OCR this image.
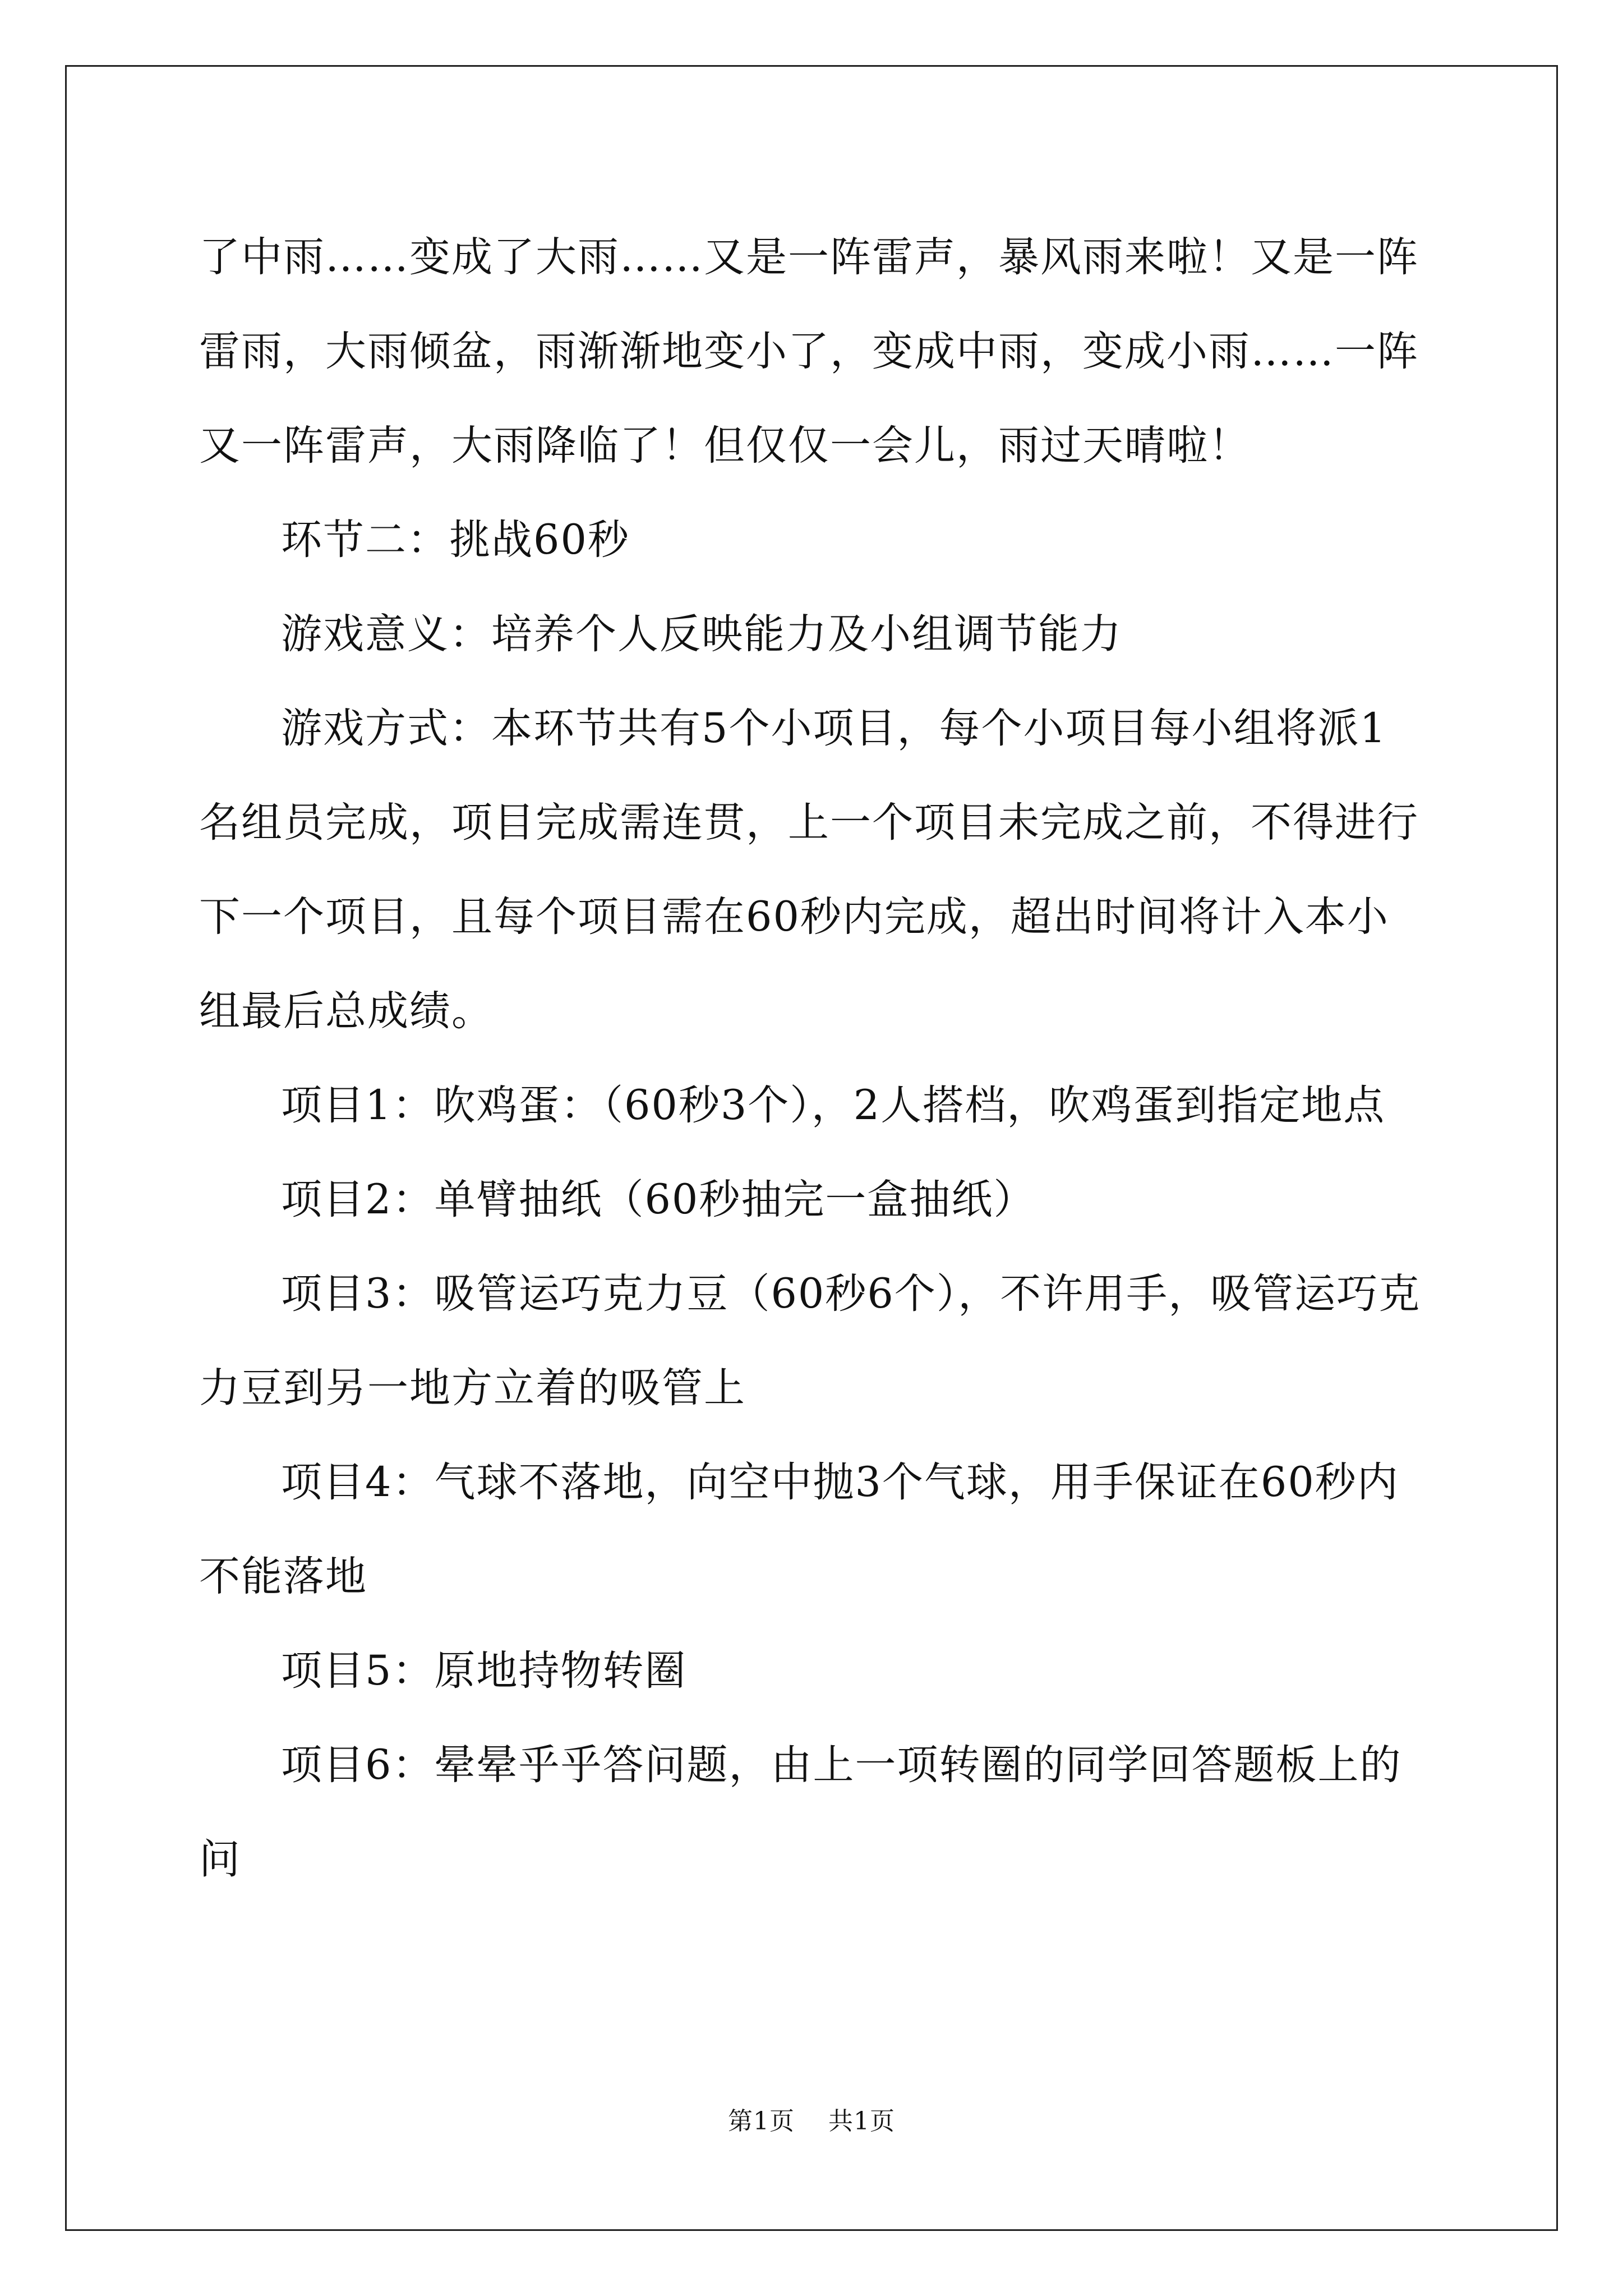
了中雨……变成了大雨……又是一阵雷声，暴风雨来啦！又是一阵雷雨，大雨倾盆，雨渐渐地变小了，变成中雨，变成小雨……一阵又一阵雷声，大雨降临了！但仅仅一会儿，雨过天晴啦！

环节二：挑战60秒

游戏意义：培养个人反映能力及小组调节能力

游戏方式：本环节共有5个小项目，每个小项目每小组将派1名组员完成，项目完成需连贯，上一个项目未完成之前，不得进行下一个项目，且每个项目需在60秒内完成，超出时间将计入本小组最后总成绩。

项目1：吹鸡蛋：（60秒3个），2人搭档，吹鸡蛋到指定地点

项目2：单臂抽纸（60秒抽完一盒抽纸）

项目3：吸管运巧克力豆（60秒6个），不许用手，吸管运巧克力豆到另一地方立着的吸管上

项目4：气球不落地，向空中抛3个气球，用手保证在60秒内不能落地

项目5：原地持物转圈

项目6：晕晕乎乎答问题，由上一项转圈的同学回答题板上的问

第1页 共1页
